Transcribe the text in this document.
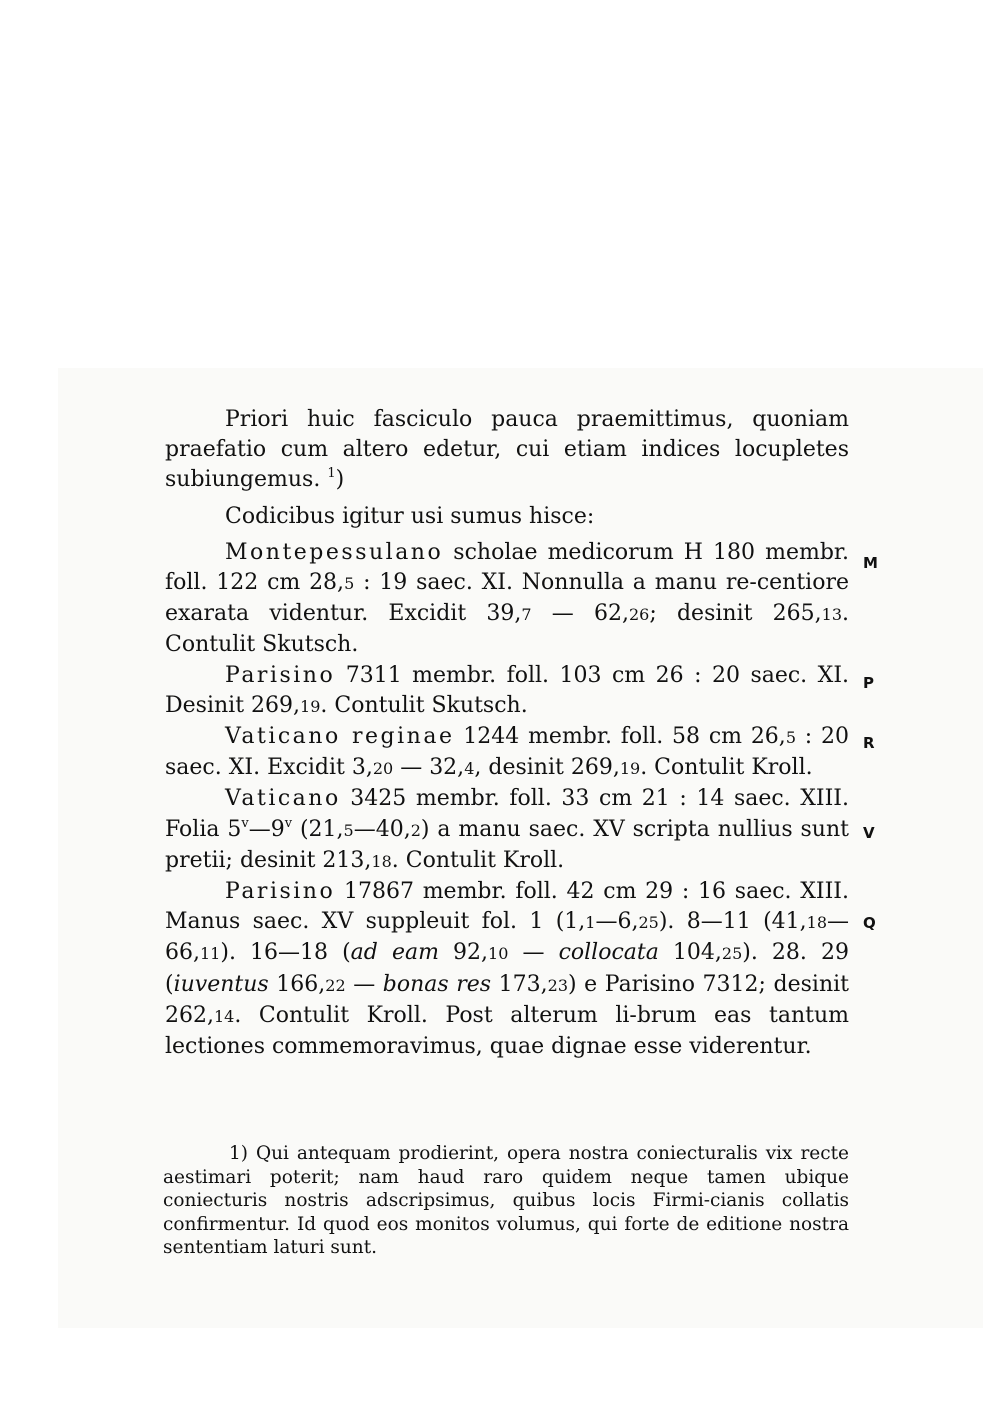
Priori huic fasciculo pauca praemittimus, quoniam praefatio cum altero edetur, cui etiam indices locupletes subiungemus. $^1$)

Codicibus igitur usi sumus hisce:

Montepessulano scholae medicorum H 180 membr. foll. 122 cm 28,5 : 19 saec. XI. Nonnulla a manu re-centiore exarata videntur. Excidit 39,7 — 62,26; desinit 265,13. Contulit Skutsch.

Parisino 7311 membr. foll. 103 cm 26 : 20 saec. XI. Desinit 269,19. Contulit Skutsch.

Vaticano reginae 1244 membr. foll. 58 cm 26,5 : 20 saec. XI. Excidit 3,20 — 32,4, desinit 269,19. Contulit Kroll.

Vaticano 3425 membr. foll. 33 cm 21 : 14 saec. XIII. Folia 5$^v$—9$^v$ (21,5—40,2) a manu saec. XV scripta nullius sunt pretii; desinit 213,18. Contulit Kroll.

Parisino 17867 membr. foll. 42 cm 29 : 16 saec. XIII. Manus saec. XV suppleuit fol. 1 (1,1—6,25). 8—11 (41,18—66,11). 16—18 (ad eam 92,10 — collocata 104,25). 28. 29 (iuventus 166,22 — bonas res 173,23) e Parisino 7312; desinit 262,14. Contulit Kroll. Post alterum li-brum eas tantum lectiones commemoravimus, quae dignae esse viderentur.

M
P
R
V
Q

1) Qui antequam prodierint, opera nostra coniecturalis vix recte aestimari poterit; nam haud raro quidem neque tamen ubique coniecturis nostris adscripsimus, quibus locis Firmi-cianis collatis confirmentur. Id quod eos monitos volumus, qui forte de editione nostra sententiam laturi sunt.
